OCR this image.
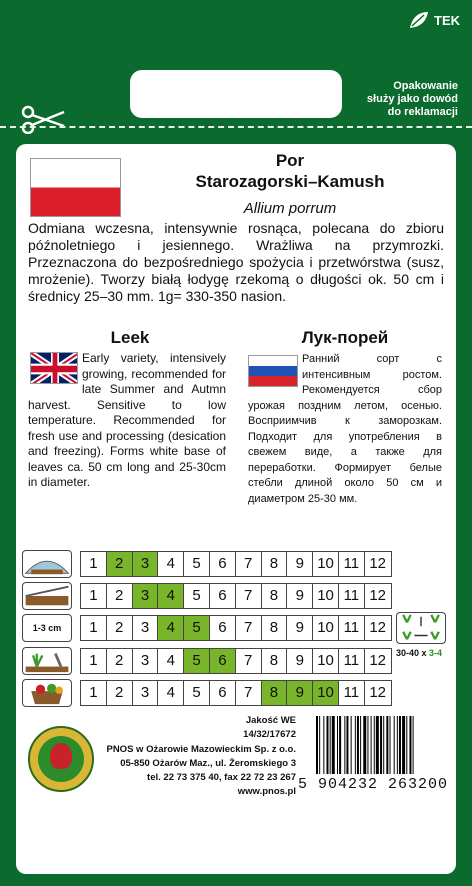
TEK
Opakowanie
służy jako dowód
do reklamacji
Por
Starozagorski–Kamush
Allium porrum
Odmiana wczesna, intensywnie rosnąca, polecana do zbioru późnoletniego i jesiennego. Wrażliwa na przymrozki. Przeznaczona do bezpośredniego spożycia i przetwórstwa (susz, mrożenie). Tworzy białą łodygę rzekomą o długości ok. 50 cm i średnicy 25–30 mm. 1g= 330-350 nasion.
Leek	Лук-порей
Early variety, intensively growing, recommended for late Summer and Autmn harvest. Sensitive to low temperature. Recommended for fresh use and processing (desication and freezing). Forms white base of leaves ca. 50 cm long and 25-30cm in diameter.
Ранний сорт с интенсивным ростом. Рекомендуется сбор урожая поздним летом, осенью. Восприимчив к заморозкам. Подходит для употребления в свежем виде, а также для переработки. Формирует белые стебли длиной около 50 см и диаметром 25-30 мм.
1	2	3	4	5	6	7	8	9 10 11 12
1	2	3	4	5	6	7	8	9 10 11 12
1-3 cm	1	2	3	4	5	6	7	8	9 10 11 12
1	2	3	4	5	6	7	8	9 10 11 12
1	2	3	4	5	6	7	8	9 10 11 12
30-40 x 3-4
Jakość WE
14/32/17672
PNOS w Ożarowie Mazowieckim Sp. z o.o.
05-850 Ożarów Maz., ul. Żeromskiego 3
tel. 22 73 375 40, fax 22 72 23 267
www.pnos.pl 5 904232 263200
